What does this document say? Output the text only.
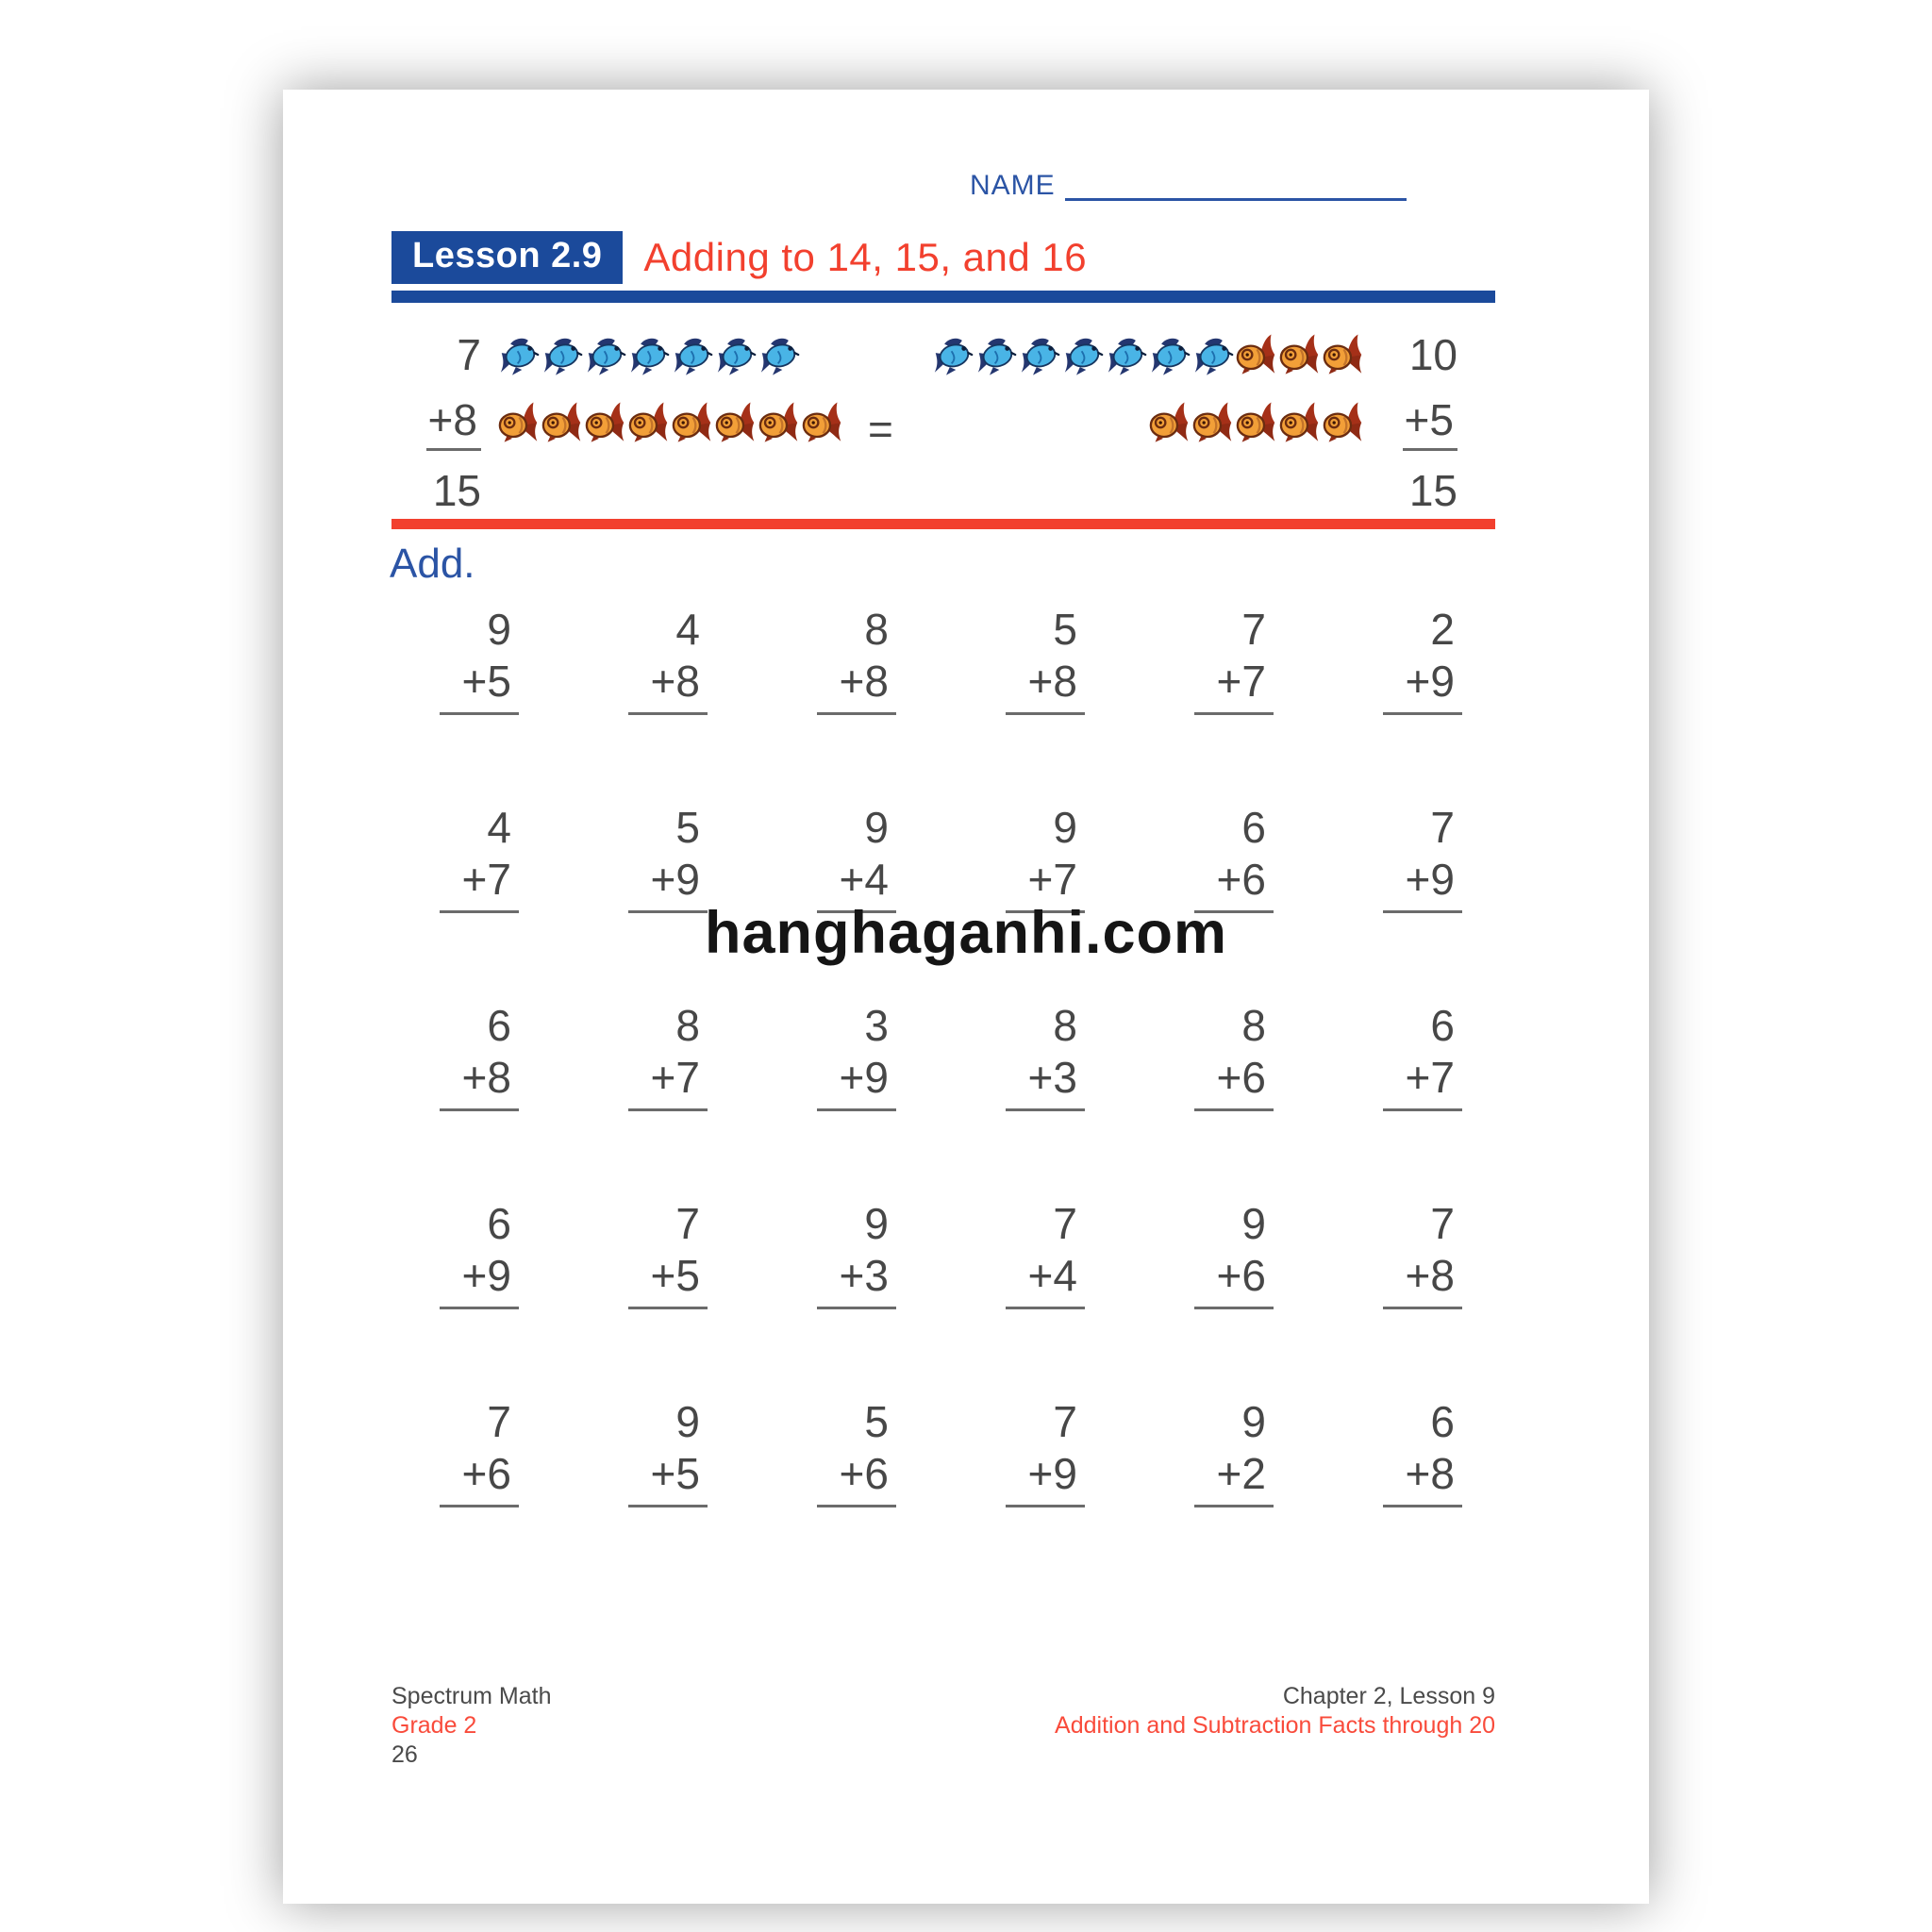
NAME
Lesson 2.9	Adding to 14, 15, and 16
7
+8
15
=
10
+5
15
Add.
9
+5
4
+8
8
+8
5
+8
7
+7
2
+9
4
+7
5
+9
9
+4
9
+7
6
+6
7
+9
6
+8
8
+7
3
+9
8
+3
8
+6
6
+7
6
+9
7
+5
9
+3
7
+4
9
+6
7
+8
7
+6
9
+5
5
+6
7
+9
9
+2
6
+8
hanghaganhi.com
Spectrum Math
Grade 2
26
Chapter 2, Lesson 9
Addition and Subtraction Facts through 20
